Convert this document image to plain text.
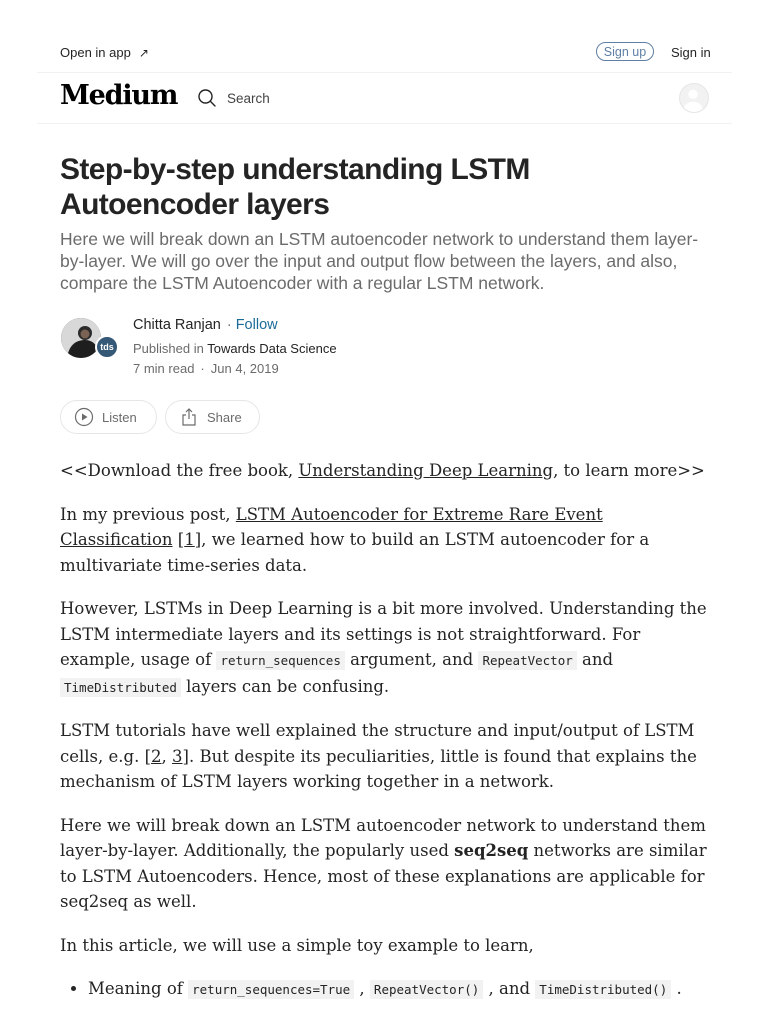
Open in app ↗	Sign up	Sign in
Medium
Search
Step-by-step understanding LSTM Autoencoder layers

Here we will break down an LSTM autoencoder network to understand them layer-by-layer. We will go over the input and output flow between the layers, and also, compare the LSTM Autoencoder with a regular LSTM network.

tds
Chitta Ranjan · Follow
Published in Towards Data Science
7 min read · Jun 4, 2019
Listen	Share

<<Download the free book, Understanding Deep Learning, to learn more>>

In my previous post, LSTM Autoencoder for Extreme Rare Event Classification [1], we learned how to build an LSTM autoencoder for a multivariate time-series data.

However, LSTMs in Deep Learning is a bit more involved. Understanding the LSTM intermediate layers and its settings is not straightforward. For example, usage of return_sequences argument, and RepeatVector and TimeDistributed layers can be confusing.

LSTM tutorials have well explained the structure and input/output of LSTM cells, e.g. [2, 3]. But despite its peculiarities, little is found that explains the mechanism of LSTM layers working together in a network.

Here we will break down an LSTM autoencoder network to understand them layer-by-layer. Additionally, the popularly used seq2seq networks are similar to LSTM Autoencoders. Hence, most of these explanations are applicable for seq2seq as well.

In this article, we will use a simple toy example to learn,

• Meaning of return_sequences=True , RepeatVector() , and TimeDistributed() .
